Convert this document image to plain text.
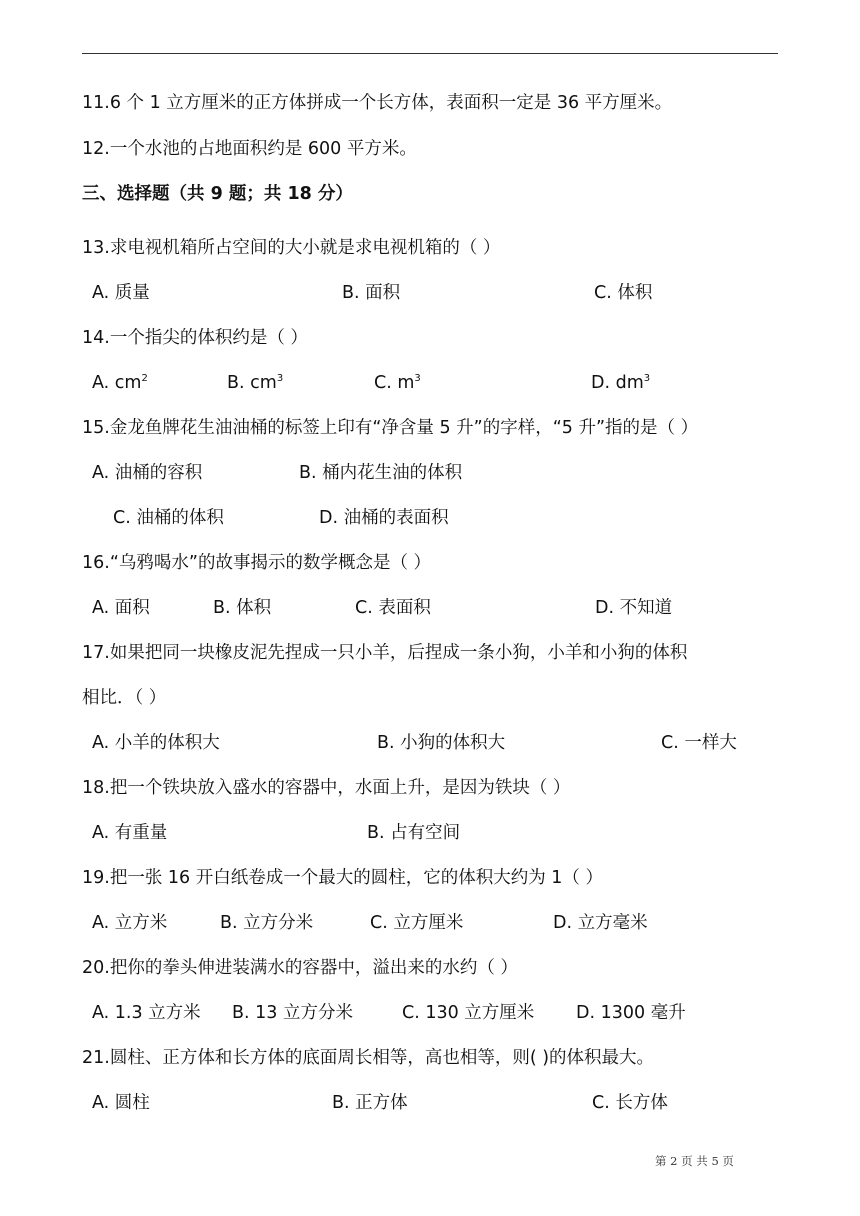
11.6 个 1 立方厘米的正方体拼成一个长方体，表面积一定是 36 平方厘米。
12.一个水池的占地面积约是 600 平方米。
三、选择题（共 9 题；共 18 分）
13.求电视机箱所占空间的大小就是求电视机箱的（ ）
A. 质量	B. 面积	C. 体积
14.一个指尖的体积约是（ ）
A. $cm^2$	B. $cm^3$	C. $m^3$	D. $dm^3$
15.金龙鱼牌花生油油桶的标签上印有“净含量 5 升”的字样，“5 升”指的是（ ）
A. 油桶的容积	B. 桶内花生油的体积
C. 油桶的体积	D. 油桶的表面积
16.“乌鸦喝水”的故事揭示的数学概念是（ ）
A. 面积	B. 体积	C. 表面积	D. 不知道
17.如果把同一块橡皮泥先捏成一只小羊，后捏成一条小狗，小羊和小狗的体积
相比．（ ）
A. 小羊的体积大	B. 小狗的体积大	C. 一样大
18.把一个铁块放入盛水的容器中，水面上升，是因为铁块（ ）
A. 有重量	B. 占有空间
19.把一张 16 开白纸卷成一个最大的圆柱，它的体积大约为 1（ ）
A. 立方米	B. 立方分米	C. 立方厘米	D. 立方毫米
20.把你的拳头伸进装满水的容器中，溢出来的水约（ ）
A. 1.3 立方米 B. 13 立方分米	C. 130 立方厘米 D. 1300 毫升
21.圆柱、正方体和长方体的底面周长相等，高也相等，则( )的体积最大。
A. 圆柱	B. 正方体	C. 长方体
第 2 页 共 5 页
